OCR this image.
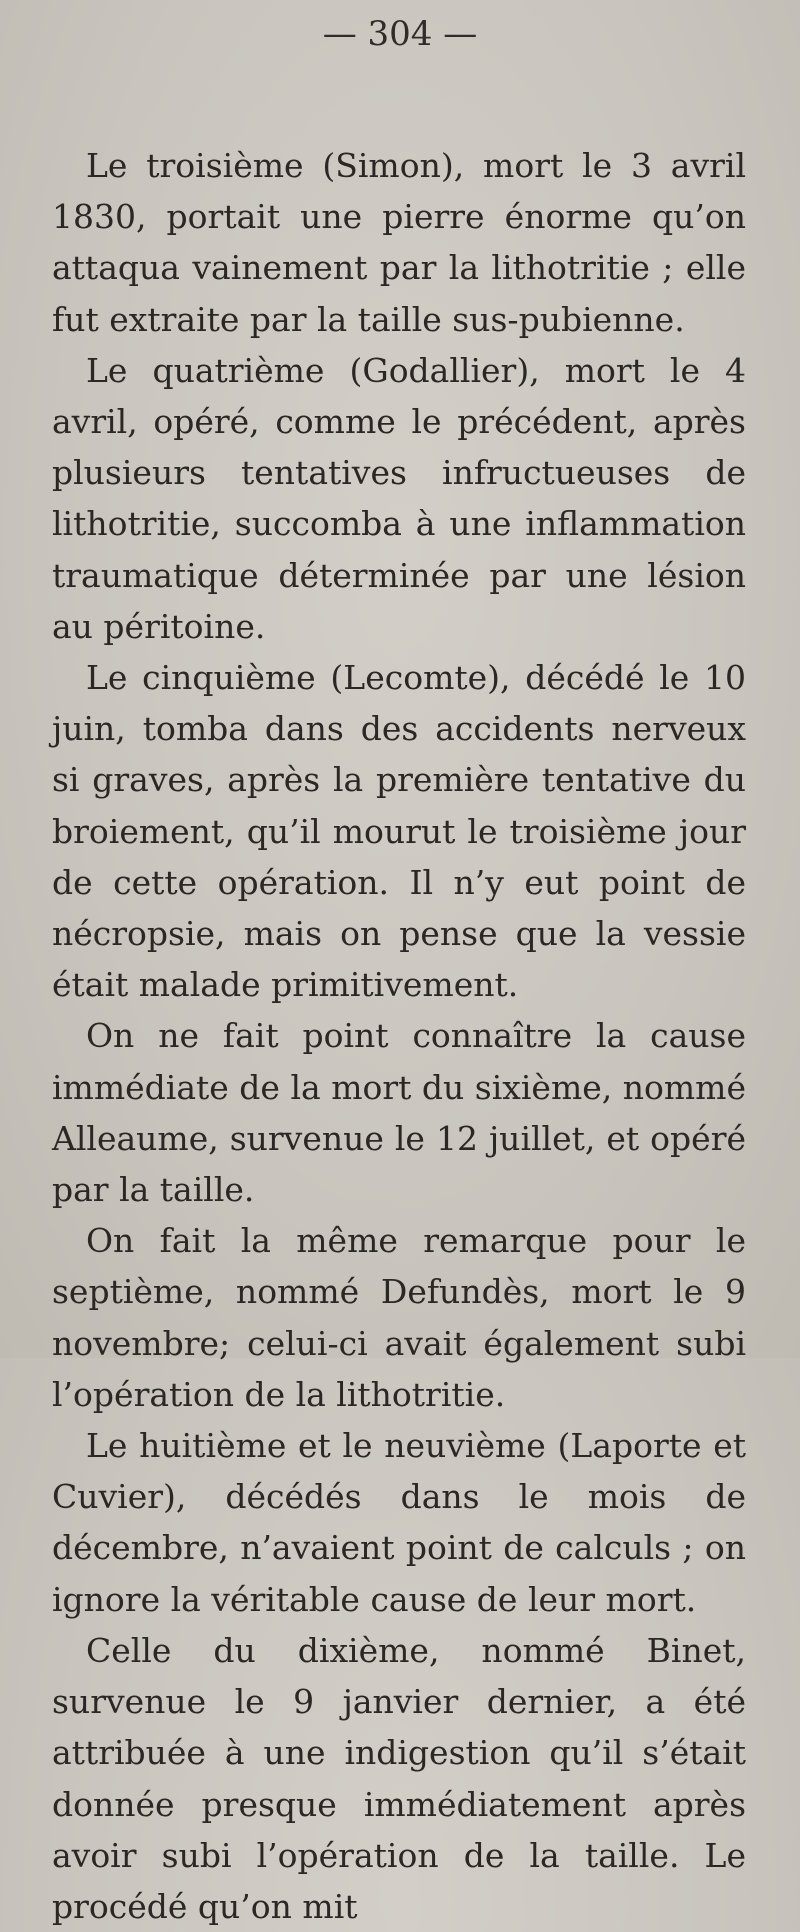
— 304 —

Le troisième (Simon), mort le 3 avril 1830, portait une pierre énorme qu’on attaqua vainement par la lithotritie ; elle fut extraite par la taille sus-pubienne.

Le quatrième (Godallier), mort le 4 avril, opéré, comme le précédent, après plusieurs tentatives infructueuses de lithotritie, succomba à une inflammation traumatique déterminée par une lésion au péritoine.

Le cinquième (Lecomte), décédé le 10 juin, tomba dans des accidents nerveux si graves, après la première tentative du broiement, qu’il mourut le troisième jour de cette opération. Il n’y eut point de nécropsie, mais on pense que la vessie était malade primitivement.

On ne fait point connaître la cause immédiate de la mort du sixième, nommé Alleaume, survenue le 12 juillet, et opéré par la taille.

On fait la même remarque pour le septième, nommé Defundès, mort le 9 novembre; celui-ci avait également subi l’opération de la lithotritie.

Le huitième et le neuvième (Laporte et Cuvier), décédés dans le mois de décembre, n’avaient point de calculs ; on ignore la véritable cause de leur mort.

Celle du dixième, nommé Binet, survenue le 9 janvier dernier, a été attribuée à une indigestion qu’il s’était donnée presque immédiatement après avoir subi l’opération de la taille. Le procédé qu’on mit
